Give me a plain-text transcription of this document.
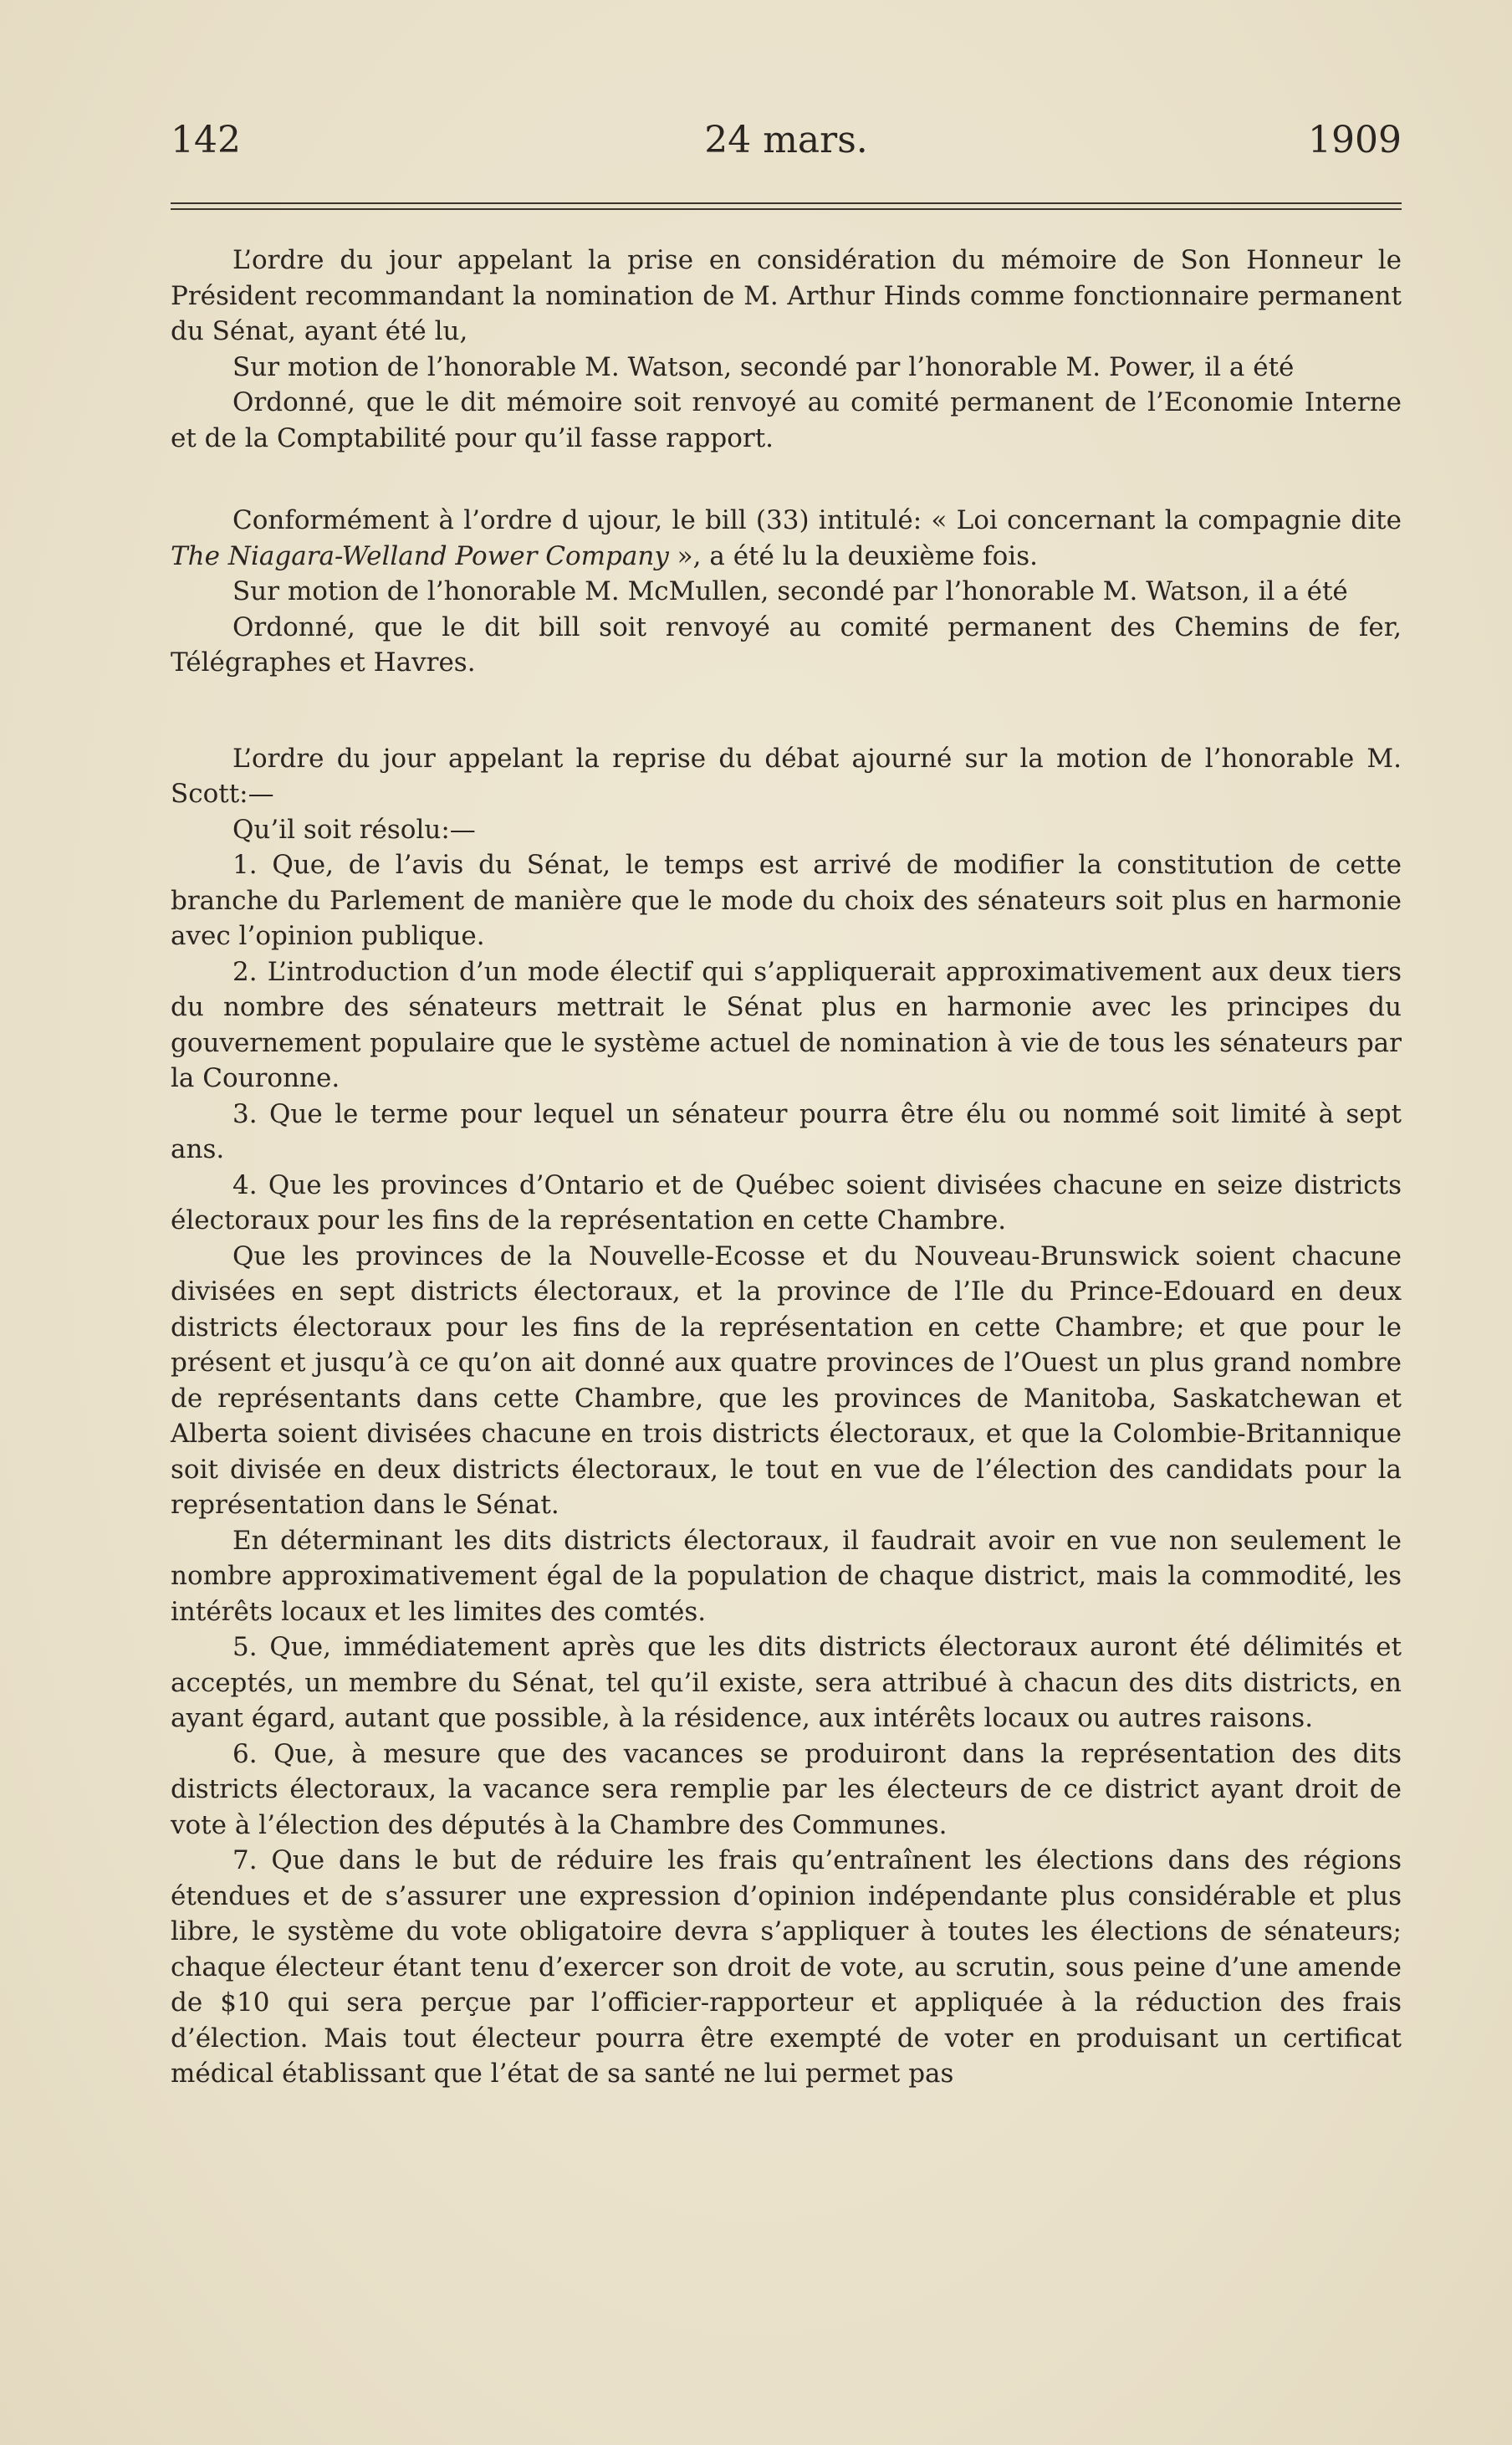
142	24 mars.	1909

L’ordre du jour appelant la prise en considération du mémoire de Son Honneur le Président recommandant la nomination de M. Arthur Hinds comme fonctionnaire permanent du Sénat, ayant été lu,

Sur motion de l’honorable M. Watson, secondé par l’honorable M. Power, il a été

Ordonné, que le dit mémoire soit renvoyé au comité permanent de l’Economie Interne et de la Comptabilité pour qu’il fasse rapport.

Conformément à l’ordre d ujour, le bill (33) intitulé: « Loi concernant la compagnie dite The Niagara-Welland Power Company », a été lu la deuxième fois.

Sur motion de l’honorable M. McMullen, secondé par l’honorable M. Watson, il a été

Ordonné, que le dit bill soit renvoyé au comité permanent des Chemins de fer, Télégraphes et Havres.

L’ordre du jour appelant la reprise du débat ajourné sur la motion de l’honorable M. Scott:—

Qu’il soit résolu:—

1. Que, de l’avis du Sénat, le temps est arrivé de modifier la constitution de cette branche du Parlement de manière que le mode du choix des sénateurs soit plus en harmonie avec l’opinion publique.

2. L’introduction d’un mode électif qui s’appliquerait approximativement aux deux tiers du nombre des sénateurs mettrait le Sénat plus en harmonie avec les principes du gouvernement populaire que le système actuel de nomination à vie de tous les sénateurs par la Couronne.

3. Que le terme pour lequel un sénateur pourra être élu ou nommé soit limité à sept ans.

4. Que les provinces d’Ontario et de Québec soient divisées chacune en seize districts électoraux pour les fins de la représentation en cette Chambre.

Que les provinces de la Nouvelle-Ecosse et du Nouveau-Brunswick soient chacune divisées en sept districts électoraux, et la province de l’Ile du Prince-Edouard en deux districts électoraux pour les fins de la représentation en cette Chambre; et que pour le présent et jusqu’à ce qu’on ait donné aux quatre provinces de l’Ouest un plus grand nombre de représentants dans cette Chambre, que les provinces de Manitoba, Saskatchewan et Alberta soient divisées chacune en trois districts électoraux, et que la Colombie-Britannique soit divisée en deux districts électoraux, le tout en vue de l’élection des candidats pour la représentation dans le Sénat.

En déterminant les dits districts électoraux, il faudrait avoir en vue non seulement le nombre approximativement égal de la population de chaque district, mais la commodité, les intérêts locaux et les limites des comtés.

5. Que, immédiatement après que les dits districts électoraux auront été délimités et acceptés, un membre du Sénat, tel qu’il existe, sera attribué à chacun des dits districts, en ayant égard, autant que possible, à la résidence, aux intérêts locaux ou autres raisons.

6. Que, à mesure que des vacances se produiront dans la représentation des dits districts électoraux, la vacance sera remplie par les électeurs de ce district ayant droit de vote à l’élection des députés à la Chambre des Communes.

7. Que dans le but de réduire les frais qu’entraînent les élections dans des régions étendues et de s’assurer une expression d’opinion indépendante plus considérable et plus libre, le système du vote obligatoire devra s’appliquer à toutes les élections de sénateurs; chaque électeur étant tenu d’exercer son droit de vote, au scrutin, sous peine d’une amende de $10 qui sera perçue par l’officier-rapporteur et appliquée à la réduction des frais d’élection. Mais tout électeur pourra être exempté de voter en produisant un certificat médical établissant que l’état de sa santé ne lui permet pas
